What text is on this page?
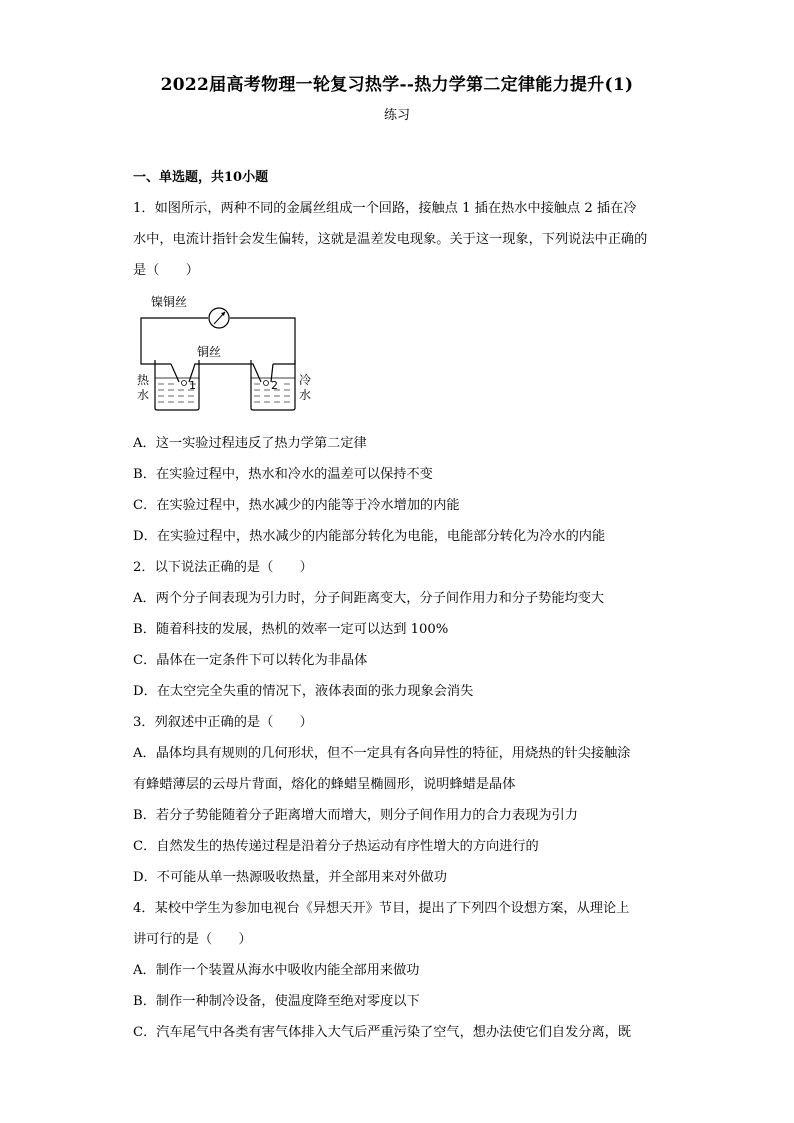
2022届高考物理一轮复习热学--热力学第二定律能力提升(1)
练习
一、单选题，共10小题
1．如图所示，两种不同的金属丝组成一个回路，接触点 1 插在热水中接触点 2 插在冷
水中，电流计指针会发生偏转，这就是温差发电现象。关于这一现象，下列说法中正确的
是（　　）
镍铜丝
铜丝
热
水
冷
水
1	2
A．这一实验过程违反了热力学第二定律
B．在实验过程中，热水和冷水的温差可以保持不变
C．在实验过程中，热水减少的内能等于冷水增加的内能
D．在实验过程中，热水减少的内能部分转化为电能，电能部分转化为冷水的内能
2．以下说法正确的是（　　）
A．两个分子间表现为引力时，分子间距离变大，分子间作用力和分子势能均变大
B．随着科技的发展，热机的效率一定可以达到 100%
C．晶体在一定条件下可以转化为非晶体
D．在太空完全失重的情况下，液体表面的张力现象会消失
3．列叙述中正确的是（　　）
A．晶体均具有规则的几何形状，但不一定具有各向异性的特征，用烧热的针尖接触涂
有蜂蜡薄层的云母片背面，熔化的蜂蜡呈椭圆形，说明蜂蜡是晶体
B．若分子势能随着分子距离增大而增大，则分子间作用力的合力表现为引力
C．自然发生的热传递过程是沿着分子热运动有序性增大的方向进行的
D．不可能从单一热源吸收热量，并全部用来对外做功
4．某校中学生为参加电视台《异想天开》节目，提出了下列四个设想方案，从理论上
讲可行的是（　　）
A．制作一个装置从海水中吸收内能全部用来做功
B．制作一种制冷设备，使温度降至绝对零度以下
C．汽车尾气中各类有害气体排入大气后严重污染了空气，想办法使它们自发分离，既
